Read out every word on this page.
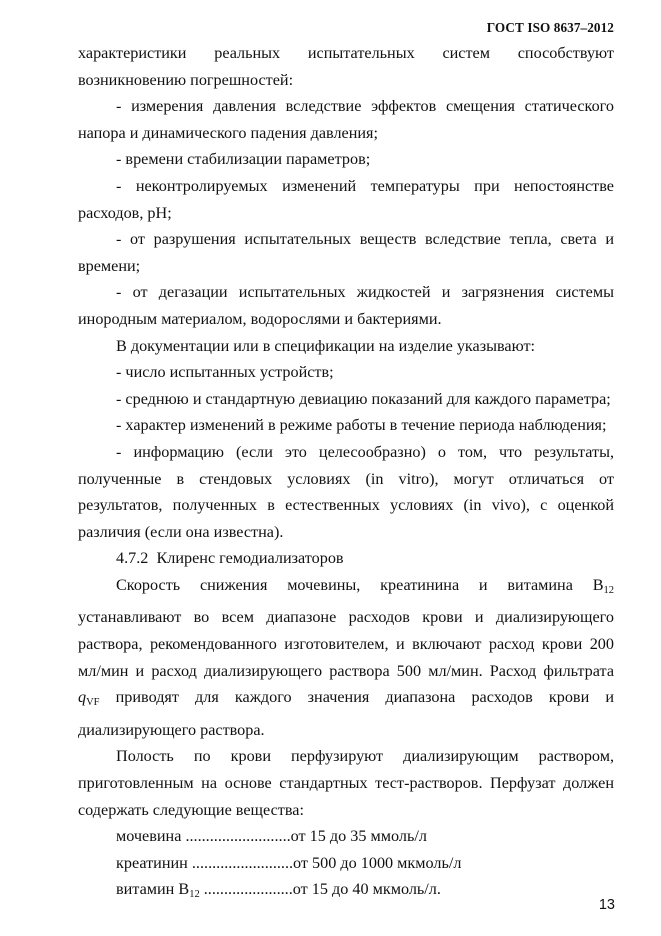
ГОСТ ISO 8637–2012

характеристики реальных испытательных систем способствуют возникновению погрешностей:

- измерения давления вследствие эффектов смещения статического напора и динамического падения давления;

- времени стабилизации параметров;

- неконтролируемых изменений температуры при непостоянстве расходов, pH;

- от разрушения испытательных веществ вследствие тепла, света и времени;

- от дегазации испытательных жидкостей и загрязнения системы инородным материалом, водорослями и бактериями.

В документации или в спецификации на изделие указывают:

- число испытанных устройств;

- среднюю и стандартную девиацию показаний для каждого параметра;

- характер изменений в режиме работы в течение периода наблюдения;

- информацию (если это целесообразно) о том, что результаты, полученные в стендовых условиях (in vitro), могут отличаться от результатов, полученных в естественных условиях (in vivo), с оценкой различия (если она известна).

4.7.2  Клиренс гемодиализаторов

Скорость снижения мочевины, креатинина и витамина $B_{12}$ устанавливают во всем диапазоне расходов крови и диализирующего раствора, рекомендованного изготовителем, и включают расход крови 200 мл/мин и расход диализирующего раствора 500 мл/мин. Расход фильтрата $q_{VF}$ приводят для каждого значения диапазона расходов крови и диализирующего раствора.

Полость по крови перфузируют диализирующим раствором, приготовленным на основе стандартных тест-растворов. Перфузат должен содержать следующие вещества:

мочевина ..........................от 15 до 35 ммоль/л

креатинин .........................от 500 до 1000 мкмоль/л

витамин $B_{12}$ ......................от 15 до 40 мкмоль/л.

13
